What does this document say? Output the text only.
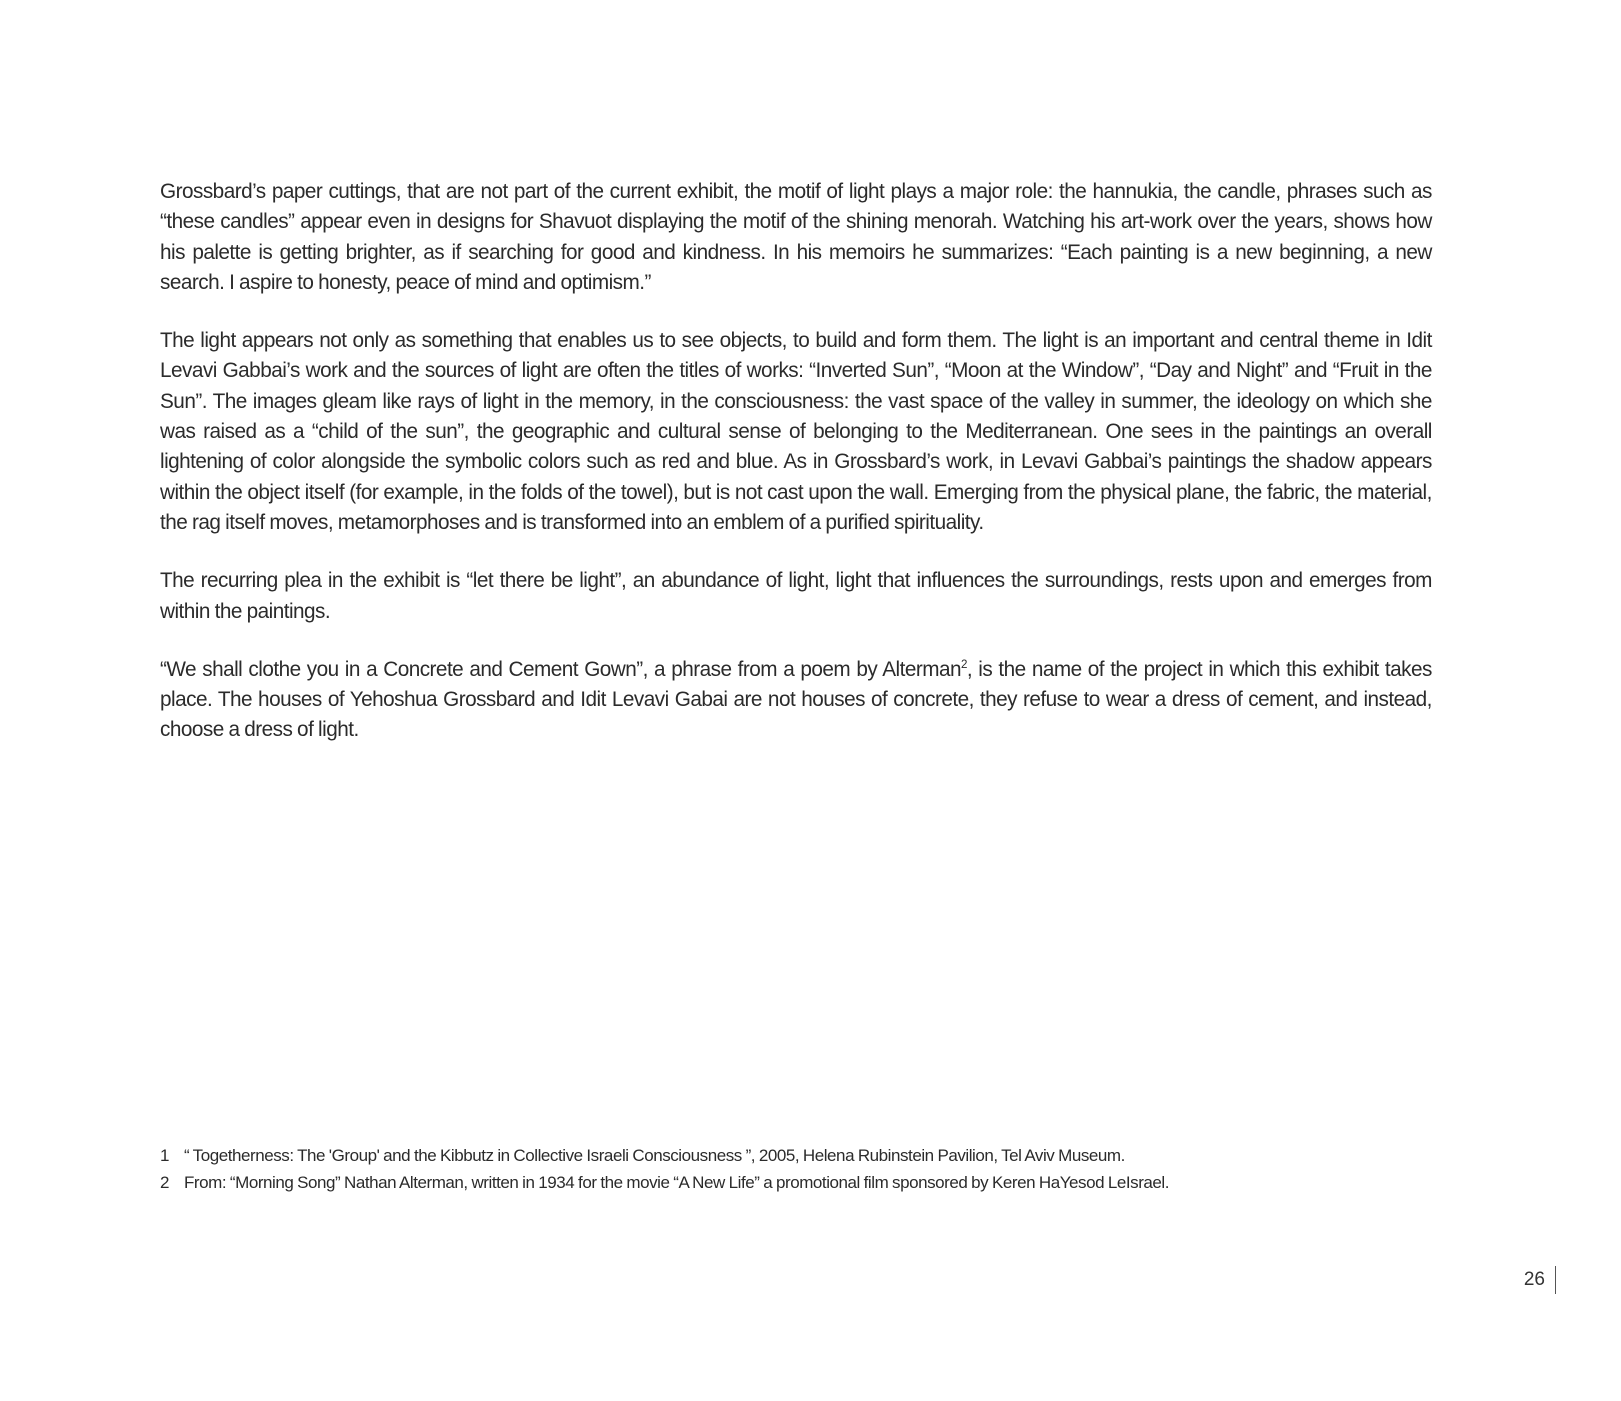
Grossbard’s paper cuttings, that are not part of the current exhibit, the motif of light plays a major role: the hannukia, the candle, phrases such as “these candles” appear even in designs for Shavuot displaying the motif of the shining menorah. Watching his art-work over the years, shows how his palette is getting brighter, as if searching for good and kindness. In his memoirs he summarizes: “Each painting is a new beginning, a new search. I aspire to honesty, peace of mind and optimism.”

The light appears not only as something that enables us to see objects, to build and form them. The light is an important and central theme in Idit Levavi Gabbai’s work and the sources of light are often the titles of works: “Inverted Sun”, “Moon at the Window”, “Day and Night” and “Fruit in the Sun”. The images gleam like rays of light in the memory, in the consciousness: the vast space of the valley in summer, the ideology on which she was raised as a “child of the sun”, the geographic and cultural sense of belonging to the Mediterranean. One sees in the paintings an overall lightening of color alongside the symbolic colors such as red and blue. As in Grossbard’s work, in Levavi Gabbai’s paintings the shadow appears within the object itself (for example, in the folds of the towel), but is not cast upon the wall. Emerging from the physical plane, the fabric, the material, the rag itself moves, metamorphoses and is transformed into an emblem of a purified spirituality.

The recurring plea in the exhibit is “let there be light”, an abundance of light, light that influences the surroundings, rests upon and emerges from within the paintings.

“We shall clothe you in a Concrete and Cement Gown”, a phrase from a poem by Alterman$^2$, is the name of the project in which this exhibit takes place. The houses of Yehoshua Grossbard and Idit Levavi Gabai are not houses of concrete, they refuse to wear a dress of cement, and instead, choose a dress of light.

1 “ Togetherness: The 'Group' and the Kibbutz in Collective Israeli Consciousness ”, 2005, Helena Rubinstein Pavilion, Tel Aviv Museum.
2 From: “Morning Song” Nathan Alterman, written in 1934 for the movie “A New Life” a promotional film sponsored by Keren HaYesod LeIsrael.
26
